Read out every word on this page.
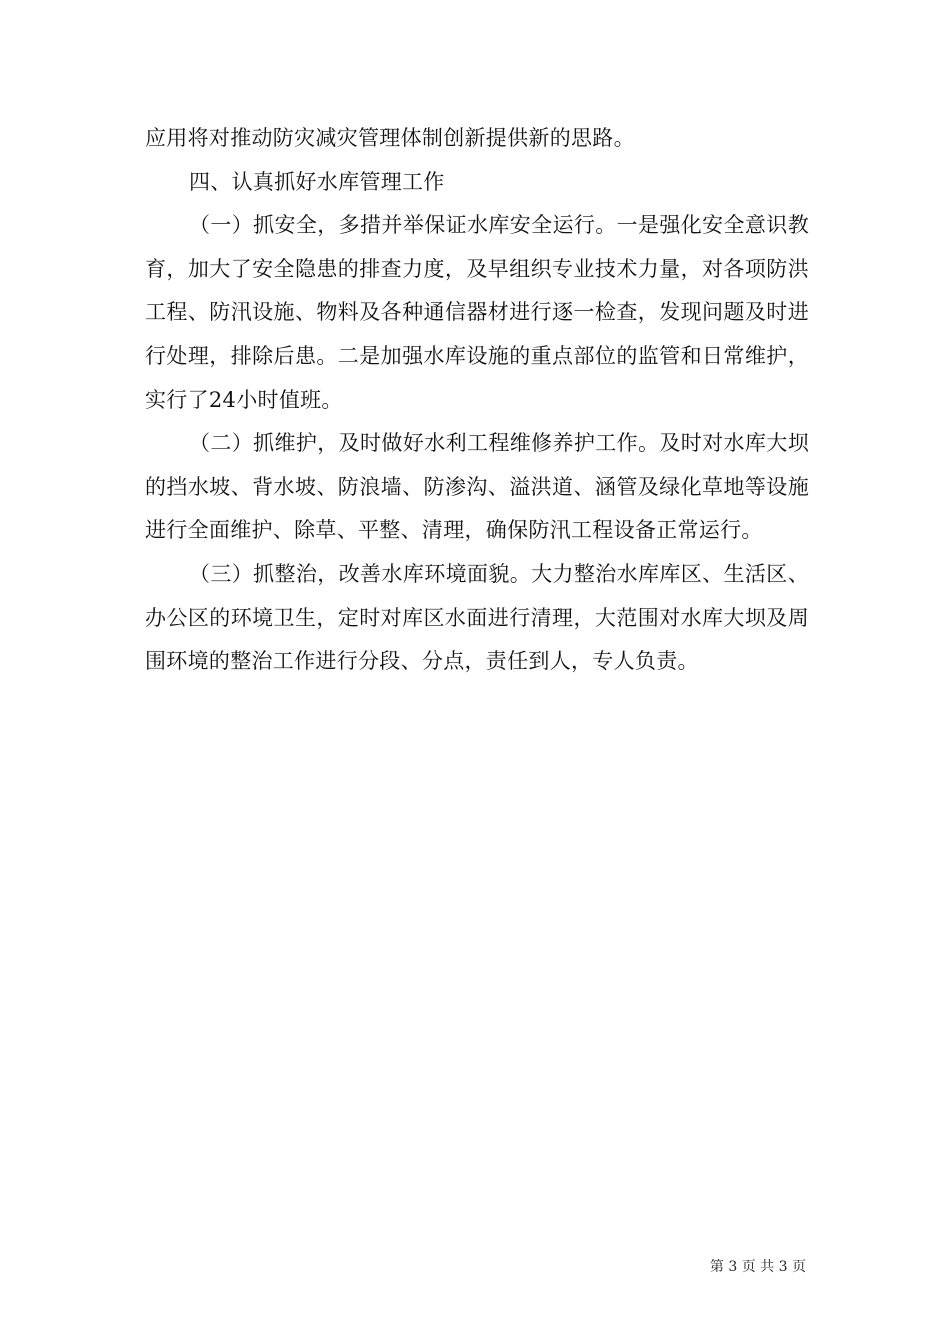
应用将对推动防灾减灾管理体制创新提供新的思路。

四、认真抓好水库管理工作

（一）抓安全，多措并举保证水库安全运行。一是强化安全意识教育，加大了安全隐患的排查力度，及早组织专业技术力量，对各项防洪工程、防汛设施、物料及各种通信器材进行逐一检查，发现问题及时进行处理，排除后患。二是加强水库设施的重点部位的监管和日常维护，实行了24小时值班。

（二）抓维护，及时做好水利工程维修养护工作。及时对水库大坝的挡水坡、背水坡、防浪墙、防渗沟、溢洪道、涵管及绿化草地等设施进行全面维护、除草、平整、清理，确保防汛工程设备正常运行。

（三）抓整治，改善水库环境面貌。大力整治水库库区、生活区、办公区的环境卫生，定时对库区水面进行清理，大范围对水库大坝及周围环境的整治工作进行分段、分点，责任到人，专人负责。

第 3 页 共 3 页
